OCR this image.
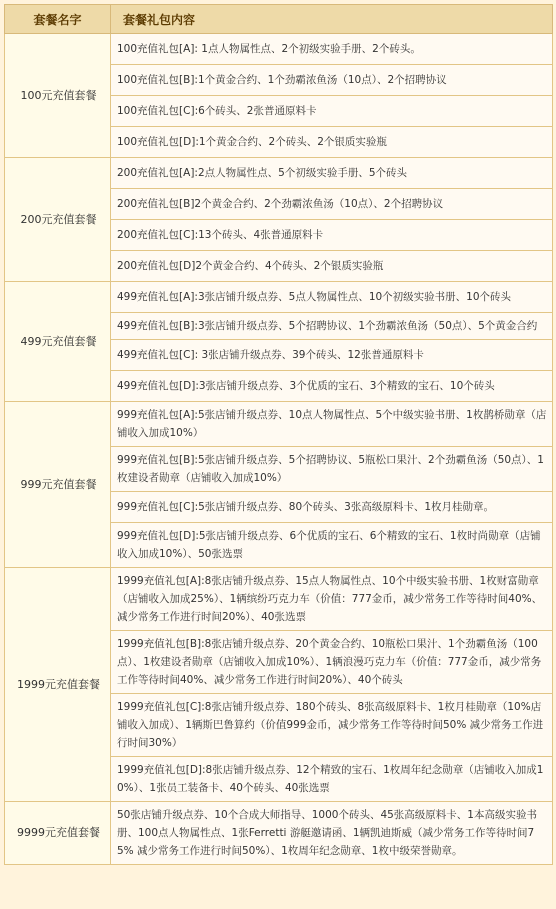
套餐名字	套餐礼包内容
100元充值套餐	100充值礼包[A]: 1点人物属性点、2个初级实验手册、2个砖头。
	100充值礼包[B]:1个黄金合约、1个劲霸浓鱼汤（10点）、2个招聘协议
	100充值礼包[C]:6个砖头、2张普通原料卡
	100充值礼包[D]:1个黄金合约、2个砖头、2个银质实验瓶
200元充值套餐	200充值礼包[A]:2点人物属性点、5个初级实验手册、5个砖头
	200充值礼包[B]2个黄金合约、2个劲霸浓鱼汤（10点）、2个招聘协议
	200充值礼包[C]:13个砖头、4张普通原料卡
	200充值礼包[D]2个黄金合约、4个砖头、2个银质实验瓶
499元充值套餐	499充值礼包[A]:3张店铺升级点券、5点人物属性点、10个初级实验书册、10个砖头
	499充值礼包[B]:3张店铺升级点券、5个招聘协议、1个劲霸浓鱼汤（50点）、5个黄金合约
	499充值礼包[C]: 3张店铺升级点券、39个砖头、12张普通原料卡
	499充值礼包[D]:3张店铺升级点券、3个优质的宝石、3个精致的宝石、10个砖头
999元充值套餐	999充值礼包[A]:5张店铺升级点券、10点人物属性点、5个中级实验书册、1枚鹊桥勋章（店铺收入加成10%）
	999充值礼包[B]:5张店铺升级点券、5个招聘协议、5瓶松口果汁、2个劲霸鱼汤（50点）、1枚建设者勋章（店铺收入加成10%）
	999充值礼包[C]:5张店铺升级点券、80个砖头、3张高级原料卡、1枚月桂勋章。
	999充值礼包[D]:5张店铺升级点券、6个优质的宝石、6个精致的宝石、1枚时尚勋章（店铺收入加成10%）、50张选票
1999元充值套餐	1999充值礼包[A]:8张店铺升级点券、15点人物属性点、10个中级实验书册、1枚财富勋章（店铺收入加成25%）、1辆缤纷巧克力车（价值：777金币，减少常务工作等待时间40%、减少常务工作进行时间20%）、40张选票
	1999充值礼包[B]:8张店铺升级点券、20个黄金合约、10瓶松口果汁、1个劲霸鱼汤（100点）、1枚建设者勋章（店铺收入加成10%）、1辆浪漫巧克力车（价值：777金币，减少常务工作等待时间40%、减少常务工作进行时间20%）、40个砖头
	1999充值礼包[C]:8张店铺升级点券、180个砖头、8张高级原料卡、1枚月桂勋章（10%店铺收入加成）、1辆斯巴鲁算约（价值999金币，减少常务工作等待时间50% 减少常务工作进行时间30%）
	1999充值礼包[D]:8张店铺升级点券、12个精致的宝石、1枚周年纪念勋章（店铺收入加成10%）、1张员工装备卡、40个砖头、40张选票
9999元充值套餐	50张店铺升级点券、10个合成大师指导、1000个砖头、45张高级原料卡、1本高级实验书册、100点人物属性点、1张Ferretti 游艇邀请函、1辆凯迪斯威（减少常务工作等待时间75% 减少常务工作进行时间50%）、1枚周年纪念勋章、1枚中级荣誉勋章。
